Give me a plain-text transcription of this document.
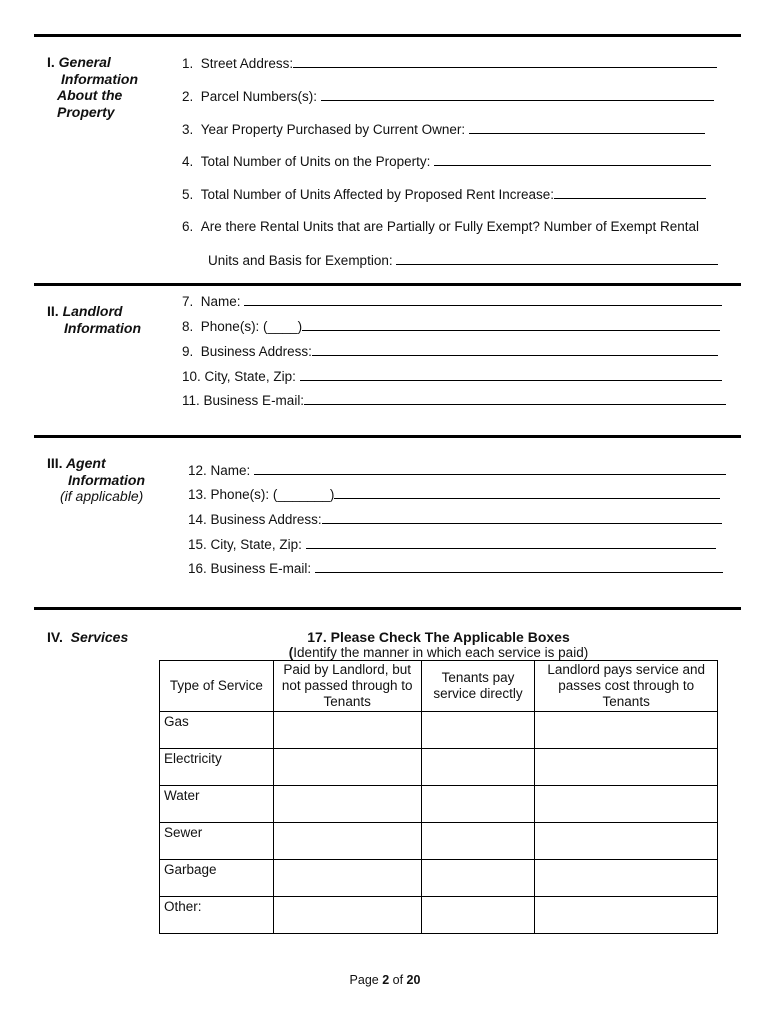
I. General
Information
About the
Property
1. Street Address:
2. Parcel Numbers(s):
3. Year Property Purchased by Current Owner:
4. Total Number of Units on the Property:
5. Total Number of Units Affected by Proposed Rent Increase:
6. Are there Rental Units that are Partially or Fully Exempt? Number of Exempt Rental
Units and Basis for Exemption:
II. Landlord
Information
7. Name:
8. Phone(s): (____)
9. Business Address:
10. City, State, Zip:
11. Business E-mail:
III. Agent
Information
(if applicable)
12. Name:
13. Phone(s): (_______)
14. Business Address:
15. City, State, Zip:
16. Business E-mail:
IV. Services	17. Please Check The Applicable Boxes
(Identify the manner in which each service is paid)
Type of Service	Paid by Landlord, but not passed through to Tenants	Tenants pay service directly	Landlord pays service and passes cost through to Tenants
Gas			
Electricity			
Water			
Sewer			
Garbage			
Other:			
Page 2 of 20
